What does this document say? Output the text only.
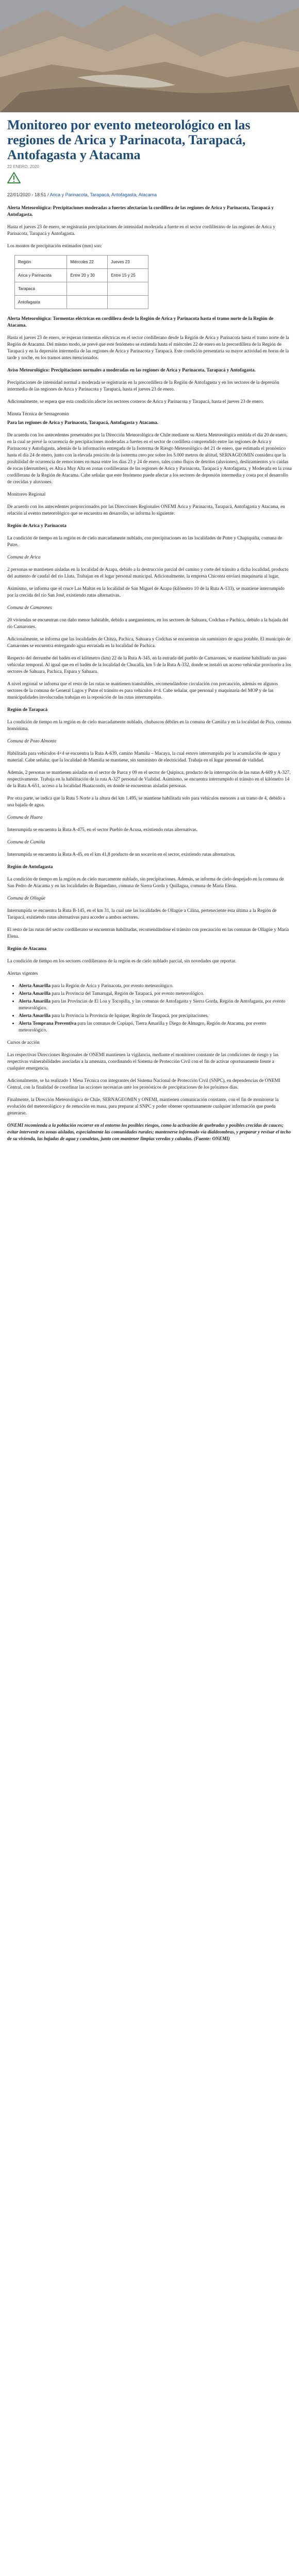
Monitoreo por evento meteorológico en las regiones de Arica y Parinacota, Tarapacá, Antofagasta y Atacama
22 ENERO, 2020
22/01/2020 - 18:51 / Arica y Parinacota, Tarapacá, Antofagasta, Atacama

Alerta Meteorológica: Precipitaciones moderadas a fuertes afectarían la cordillera de las regiones de Arica y Parinacota, Tarapacá y Antofagasta.

Hasta el jueves 23 de enero, se registrarán precipitaciones de intensidad moderada a fuerte en el sector cordillerano de las regiones de Arica y Parinacota, Tarapacá y Antofagasta.

Los montos de precipitación estimados (mm) son:

Región	Miércoles 22	Jueves 23
Arica y Parinacota	Entre 20 y 30	Entre 15 y 25
Tarapacá		
Antofagasta		

Alerta Meteorológica: Tormentas eléctricas en cordillera desde la Región de Arica y Parinacota hasta el tramo norte de la Región de Atacama.

Hasta el jueves 23 de enero, se esperan tormentas eléctricas en el sector cordillerano desde la Región de Arica y Parinacota hasta el tramo norte de la Región de Atacama. Del mismo modo, se prevé que este fenómeno se extienda hasta el miércoles 22 de enero en la precordillera de la Región de Tarapacá y en la depresión intermedia de las regiones de Arica y Parinacota y Tarapacá. Este condición presentaría su mayor actividad en horas de la tarde y noche, en los tramos antes mencionados.

Aviso Meteorológico: Precipitaciones normales a moderadas en las regiones de Arica y Parinacota, Tarapacá y Antofagasta.

Precipitaciones de intensidad normal a moderada se registrarán en la precordillera de la Región de Antofagasta y en los sectores de la depresión intermedia de las regiones de Arica y Parinacota y Tarapacá, hasta el jueves 23 de enero.

Adicionalmente, se espera que esta condición afecte los sectores costeros de Arica y Parinacota y Tarapacá, hasta el jueves 23 de enero.

Minuta Técnica de Sernageomin

Para las regiones de Arica y Parinacota, Tarapacá, Antofagasta y Atacama.

De acuerdo con los antecedentes presentados por la Dirección Meteorológica de Chile mediante su Alerta Meteorológica emitida el día 20 de enero, en la cual se prevé la ocurrencia de precipitaciones moderadas a fuertes en el sector de cordillera comprendido entre las regiones de Arica y Parinacota y Antofagasta, además de la información entregada de la Isoterma de Riesgo Meteorológico del 21 de enero, que estimada el pronóstico hasta el día 24 de enero, junto con la elevada posición de la isoterma cero por sobre los 5.000 metros de altitud, SERNAGEOMIN considera que la posibilidad de ocurrencia de remociones en masa entre los días 23 y 24 de enero, tales como flujos de detritos (aluviones), deslizamientos y/o caídas de rocas (derrumbes), es Alta a Muy Alta en zonas cordilleranas de las regiones de Arica y Parinacota, Tarapacá y Antofagasta, y Moderada en la zona cordillerana de la Región de Atacama. Cabe señalar que este fenómeno puede afectar a los sectores de depresión intermedia y costa por el desarrollo de crecidas y aluviones.

Monitoreo Regional

De acuerdo con los antecedentes proporcionados por las Direcciones Regionales ONEMI Arica y Parinacota, Tarapacá, Antofagasta y Atacama, en relación al evento meteorológico que se encuentra en desarrollo, se informa lo siguiente:

Región de Arica y Parinacota

La condición de tiempo en la región es de cielo marcadamente nublado, con precipitaciones en las localidades de Putre y Chapiquiña, comuna de Putre.

Comuna de Arica

2 personas se mantienen aisladas en la localidad de Azapa, debido a la destrucción parcial del camino y corte del tránsito a dicha localidad, producto del aumento de caudal del río Lluta. Trabajan en el lugar personal municipal. Adicionalmente, la empresa Chiconta enviará maquinaria al lugar.

Asimismo, se informa que el cruce Las Maltas en la localidad de San Miguel de Azapa (kilómetro 10 de la Ruta A-133), se mantiene interrumpido por la crecida del río San José, existiendo rutas alternativas.

Comuna de Camarones

20 viviendas se encuentran con daño menor habitable, debido a anegamientos, en los sectores de Sahuara, Codchas e Pachica, debido a la bajada del río Camarones.

Adicionalmente, se informa que las localidades de Chitza, Pachica, Sahuara y Codchas se encuentran sin suministro de agua potable. El municipio de Camarones se encuentra entregando agua envasada en la localidad de Pachica.

Respecto del derrumbe del badén en el kilómetro (km) 22 de la Ruta A-345, en la entrada del pueblo de Camarones, se mantiene habilitado un paso vehicular temporal. Al igual que en el badén de la localidad de Chucalla, km 5 de la Ruta A-332, donde se instaló un acceso vehicular provisorio a los sectores de Sahuara, Pachica, Espara y Sahuara.

A nivel regional se informa que el resto de las rutas se mantienen transitables, recomendándose circulación con precaución, además en algunos sectores de la comuna de General Lagos y Putre el tránsito es para vehículos 4×4. Cabe señalar, que personal y maquinaria del MOP y de las municipalidades involucradas trabajan en la reposición de las rutas interrumpidas.

Región de Tarapacá

La condición de tiempo en la región es de cielo marcadamente nublado, chubascos débiles en la comuna de Camiña y en la localidad de Pica, comuna homónima.

Comuna de Pozo Almonte

Habilitada para vehículos 4×4 se encuentra la Ruta A-639, camino Mamiña – Macaya, la cual estuvo interrumpida por la acumulación de agua y material. Cabe señalar, que la localidad de Mamiña se mantiene, sin suministro de electricidad. Trabaja en el lugar personal de vialidad.

Además, 2 personas se mantienen aisladas en el sector de Parca y 09 en el sector de Quipisca, producto de la interrupción de las rutas A-609 y A-327, respectivamente. Trabaja en la habilitación de la ruta A-327 personal de Vialidad. Asimismo, se encuentra interrumpido el tránsito en el kilómetro 14 de la Ruta A-651, acceso a la localidad Huatacondo, en donde se encuentran aisladas personas.

Por otra parte, se indica que la Ruta 5 Norte a la altura del km 1.495, se mantiene habilitada solo para vehículos menores a un tramo de 4, debido a una bajada de agua.

Comuna de Huara

Interrumpida se encuentra la Ruta A-475, en el sector Pueblo de Acusa, existiendo rutas alternativas.

Comuna de Camiña

Interrumpida se encuentra la Ruta A-45, en el km 41,8 producto de un socavón en el sector, existiendo rutas alternativas.

Región de Antofagasta

La condición de tiempo en la región es de cielo marcamente nublado, sin precipitaciones. Además, se informa de cielo despejado en la comuna de San Pedro de Atacama y en las localidades de Baquedano, comuna de Sierra Gorda y Quillagua, comuna de María Elena.

Comuna de Ollagüe

Interrumpida se encuentra la Ruta B-145, en el km 31, la cual une las localidades de Ollagüe a Cilina, perteneciente esta última a la Región de Tarapacá, existiendo rutas alternativas para acceder a ambos sectores.

El resto de las rutas del sector cordillerano se encuentran habilitadas, recomendándose el tránsito con precaución en las comunas de Ollagüe y María Elena.

Región de Atacama

La condición de tiempo en los sectores cordilleranos de la región es de cielo nublado parcial, sin novedades que reportar.

Alertas vigentes

• Alerta Amarilla para la Región de Arica y Parinacota, por evento meteorológico.
• Alerta Amarilla para la Provincia del Tamarugal, Región de Tarapacá, por evento meteorológico.
• Alerta Amarilla para las Provincias de El Loa y Tocopilla, y las comunas de Antofagasta y Sierra Gorda, Región de Antofagasta, por evento meteorológico.
• Alerta Amarilla para la Provincia la Provincia de Iquique, Región de Tarapacá, por precipitaciones.
• Alerta Temprana Preventiva para las comunas de Copiapó, Tierra Amarilla y Diego de Almagro, Región de Atacama, por evento meteorológico.

Cursos de acción

Las respectivas Direcciones Regionales de ONEMI mantienen la vigilancia, mediante el monitoreo constante de las condiciones de riesgo y las respectivas vulnerabilidades asociadas a la amenaza, coordinando el Sistema de Protección Civil con el fin de activar oportunamente frente a cualquier emergencia.

Adicionalmente, se ha realizado 1 Mesa Técnica con integrantes del Sistema Nacional de Protección Civil (SNPC), en dependencias de ONEMI Central, con la finalidad de coordinar las acciones necesarias ante los pronósticos de precipitaciones de los próximos días.

Finalmente, la Dirección Meteorológica de Chile, SERNAGEOMIN y ONEMI, mantienen comunicación constante, con el fin de monitorear la evolución del meteorológico y de remoción en masa, para preparar al SNPC y poder obtener oportunamente cualquier información que pueda generarse.

ONEMI recomienda a la población recorrer en el entorno los posibles riesgos, como la activación de quebradas y posibles crecidas de cauces; evitar intervenir en zonas aisladas, especialmente las comunidades rurales; mantenerse informado vía dialdeombras, y preparar y revisar el techo de su vivienda, las bajadas de agua y canaletas, junto con mantener limpias veredas y calzadas. (Fuente: ONEMI)
